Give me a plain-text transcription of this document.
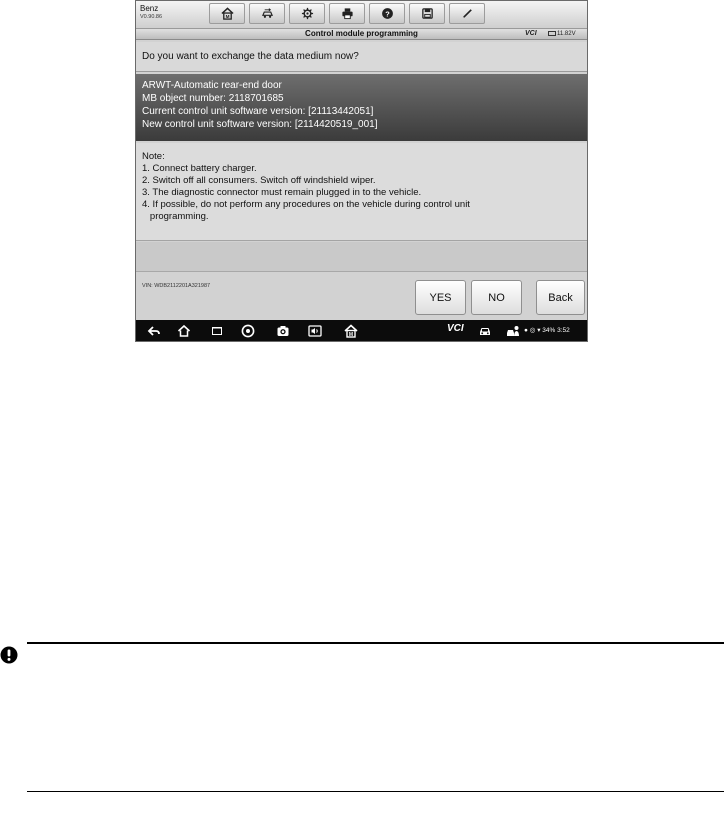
Benz
V0.90.86	M	?
Control module programming	VCI	11.82V
Do you want to exchange the data medium now?
ARWT-Automatic rear-end door
MB object number: 2118701685
Current control unit software version: [21113442051]
New control unit software version: [2114420519_001]
Note:
1. Connect battery charger.
2. Switch off all consumers. Switch off windshield wiper.
3. The diagnostic connector must remain plugged in to the vehicle.
4. If possible, do not perform any procedures on the vehicle during control unit
programming.
VIN: WDB2112201A321987
YES	NO	Back
M
VCI	● ◎ ▾ 34% 3:52
